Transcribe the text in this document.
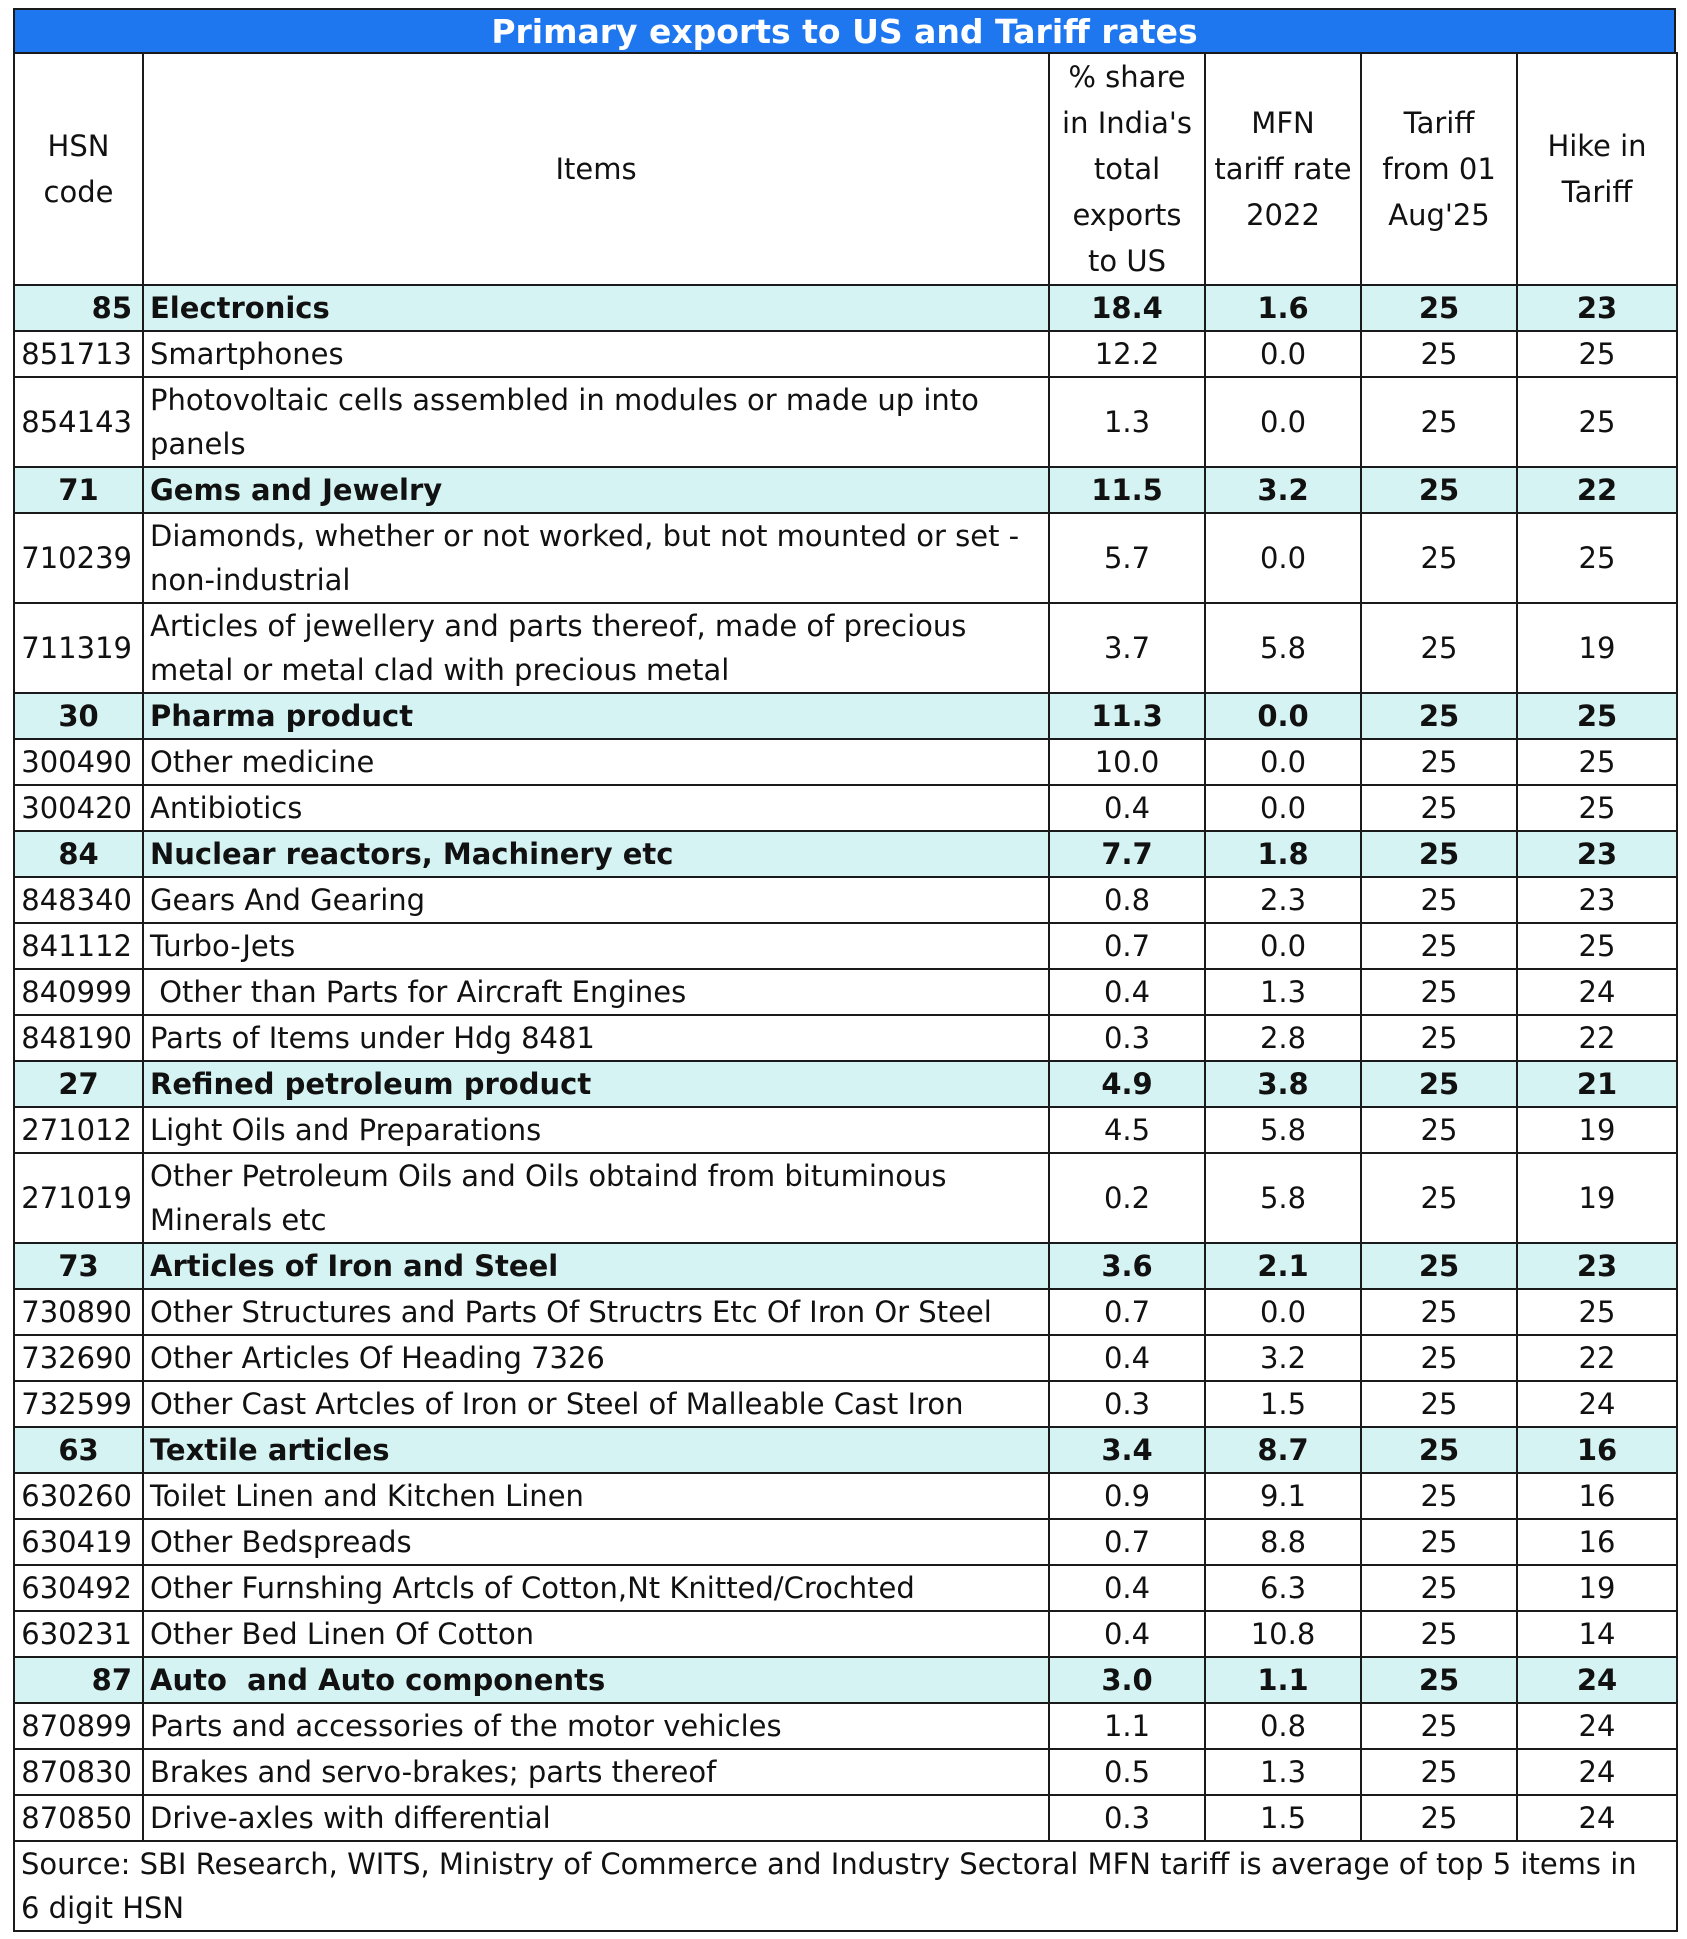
Primary exports to US and Tariff rates
HSN
code	Items	% share
in India's
total
exports
to US	MFN
tariff rate
2022	Tariff
from 01
Aug'25	Hike in
Tariff
85	Electronics	18.4	1.6	25	23
851713	Smartphones	12.2	0.0	25	25
854143	Photovoltaic cells assembled in modules or made up into
panels	1.3	0.0	25	25
71	Gems and Jewelry	11.5	3.2	25	22
710239	Diamonds, whether or not worked, but not mounted or set -
non-industrial	5.7	0.0	25	25
711319	Articles of jewellery and parts thereof, made of precious
metal or metal clad with precious metal	3.7	5.8	25	19
30	Pharma product	11.3	0.0	25	25
300490	Other medicine	10.0	0.0	25	25
300420	Antibiotics	0.4	0.0	25	25
84	Nuclear reactors, Machinery etc	7.7	1.8	25	23
848340	Gears And Gearing	0.8	2.3	25	23
841112	Turbo-Jets	0.7	0.0	25	25
840999	Other than Parts for Aircraft Engines	0.4	1.3	25	24
848190	Parts of Items under Hdg 8481	0.3	2.8	25	22
27	Refined petroleum product	4.9	3.8	25	21
271012	Light Oils and Preparations	4.5	5.8	25	19
271019	Other Petroleum Oils and Oils obtaind from bituminous
Minerals etc	0.2	5.8	25	19
73	Articles of Iron and Steel	3.6	2.1	25	23
730890	Other Structures and Parts Of Structrs Etc Of Iron Or Steel	0.7	0.0	25	25
732690	Other Articles Of Heading 7326	0.4	3.2	25	22
732599	Other Cast Artcles of Iron or Steel of Malleable Cast Iron	0.3	1.5	25	24
63	Textile articles	3.4	8.7	25	16
630260	Toilet Linen and Kitchen Linen	0.9	9.1	25	16
630419	Other Bedspreads	0.7	8.8	25	16
630492	Other Furnshing Artcls of Cotton,Nt Knitted/Crochted	0.4	6.3	25	19
630231	Other Bed Linen Of Cotton	0.4	10.8	25	14
87	Auto  and Auto components	3.0	1.1	25	24
870899	Parts and accessories of the motor vehicles	1.1	0.8	25	24
870830	Brakes and servo-brakes; parts thereof	0.5	1.3	25	24
870850	Drive-axles with differential	0.3	1.5	25	24
Source: SBI Research, WITS, Ministry of Commerce and Industry Sectoral MFN tariff is average of top 5 items in
6 digit HSN					
